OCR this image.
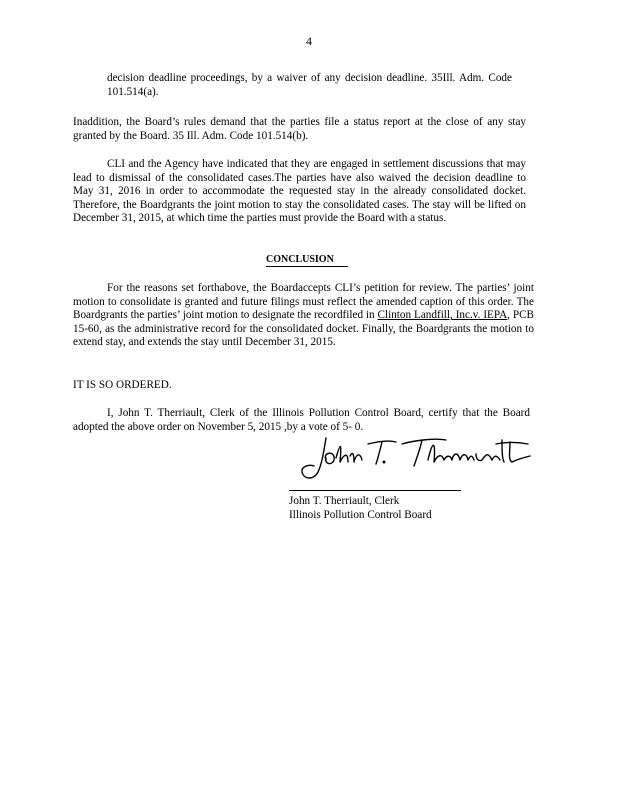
4

decision deadline proceedings, by a waiver of any decision deadline. 35Ill. Adm. Code 101.514(a).

Inaddition, the Board’s rules demand that the parties file a status report at the close of any stay granted by the Board. 35 Ill. Adm. Code 101.514(b).

CLI and the Agency have indicated that they are engaged in settlement discussions that may lead to dismissal of the consolidated cases.The parties have also waived the decision deadline to May 31, 2016 in order to accommodate the requested stay in the already consolidated docket. Therefore, the Boardgrants the joint motion to stay the consolidated cases. The stay will be lifted on December 31, 2015, at which time the parties must provide the Board with a status.

CONCLUSION

For the reasons set forthabove, the Boardaccepts CLI’s petition for review. The parties’ joint motion to consolidate is granted and future filings must reflect the amended caption of this order. The Boardgrants the parties’ joint motion to designate the recordfiled in Clinton Landfill, Inc.v. IEPA, PCB 15-60, as the administrative record for the consolidated docket. Finally, the Boardgrants the motion to extend stay, and extends the stay until December 31, 2015.

IT IS SO ORDERED.

I, John T. Therriault, Clerk of the Illinois Pollution Control Board, certify that the Board adopted the above order on November 5, 2015 ,by a vote of 5- 0.

John T. Therriault, Clerk
Illinois Pollution Control Board
